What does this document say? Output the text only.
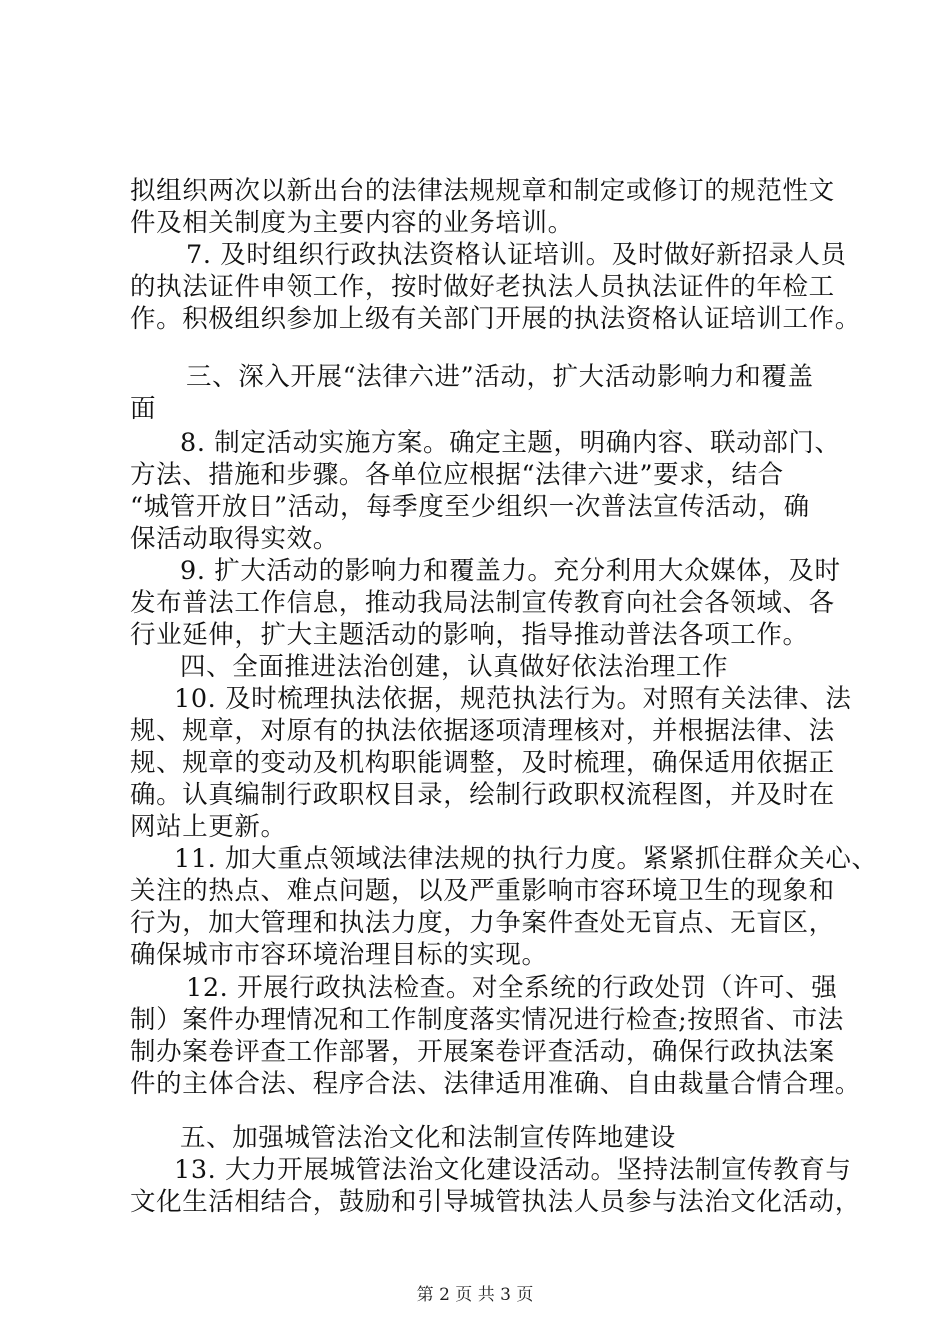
拟组织两次以新出台的法律法规规章和制定或修订的规范性文
件及相关制度为主要内容的业务培训。
7. 及时组织行政执法资格认证培训。及时做好新招录人员
的执法证件申领工作，按时做好老执法人员执法证件的年检工
作。积极组织参加上级有关部门开展的执法资格认证培训工作。
三、深入开展“法律六进”活动，扩大活动影响力和覆盖
面
8. 制定活动实施方案。确定主题，明确内容、联动部门、
方法、措施和步骤。各单位应根据“法律六进”要求，结合
“城管开放日”活动，每季度至少组织一次普法宣传活动，确
保活动取得实效。
9. 扩大活动的影响力和覆盖力。充分利用大众媒体，及时
发布普法工作信息，推动我局法制宣传教育向社会各领域、各
行业延伸，扩大主题活动的影响，指导推动普法各项工作。
四、全面推进法治创建，认真做好依法治理工作
10. 及时梳理执法依据，规范执法行为。对照有关法律、法
规、规章，对原有的执法依据逐项清理核对，并根据法律、法
规、规章的变动及机构职能调整，及时梳理，确保适用依据正
确。认真编制行政职权目录，绘制行政职权流程图，并及时在
网站上更新。
11. 加大重点领域法律法规的执行力度。紧紧抓住群众关心、
关注的热点、难点问题，以及严重影响市容环境卫生的现象和
行为，加大管理和执法力度，力争案件查处无盲点、无盲区，
确保城市市容环境治理目标的实现。
12. 开展行政执法检查。对全系统的行政处罚（许可、强
制）案件办理情况和工作制度落实情况进行检查;按照省、市法
制办案卷评查工作部署，开展案卷评查活动，确保行政执法案
件的主体合法、程序合法、法律适用准确、自由裁量合情合理。
五、加强城管法治文化和法制宣传阵地建设
13. 大力开展城管法治文化建设活动。坚持法制宣传教育与
文化生活相结合，鼓励和引导城管执法人员参与法治文化活动，
第 2 页 共 3 页
